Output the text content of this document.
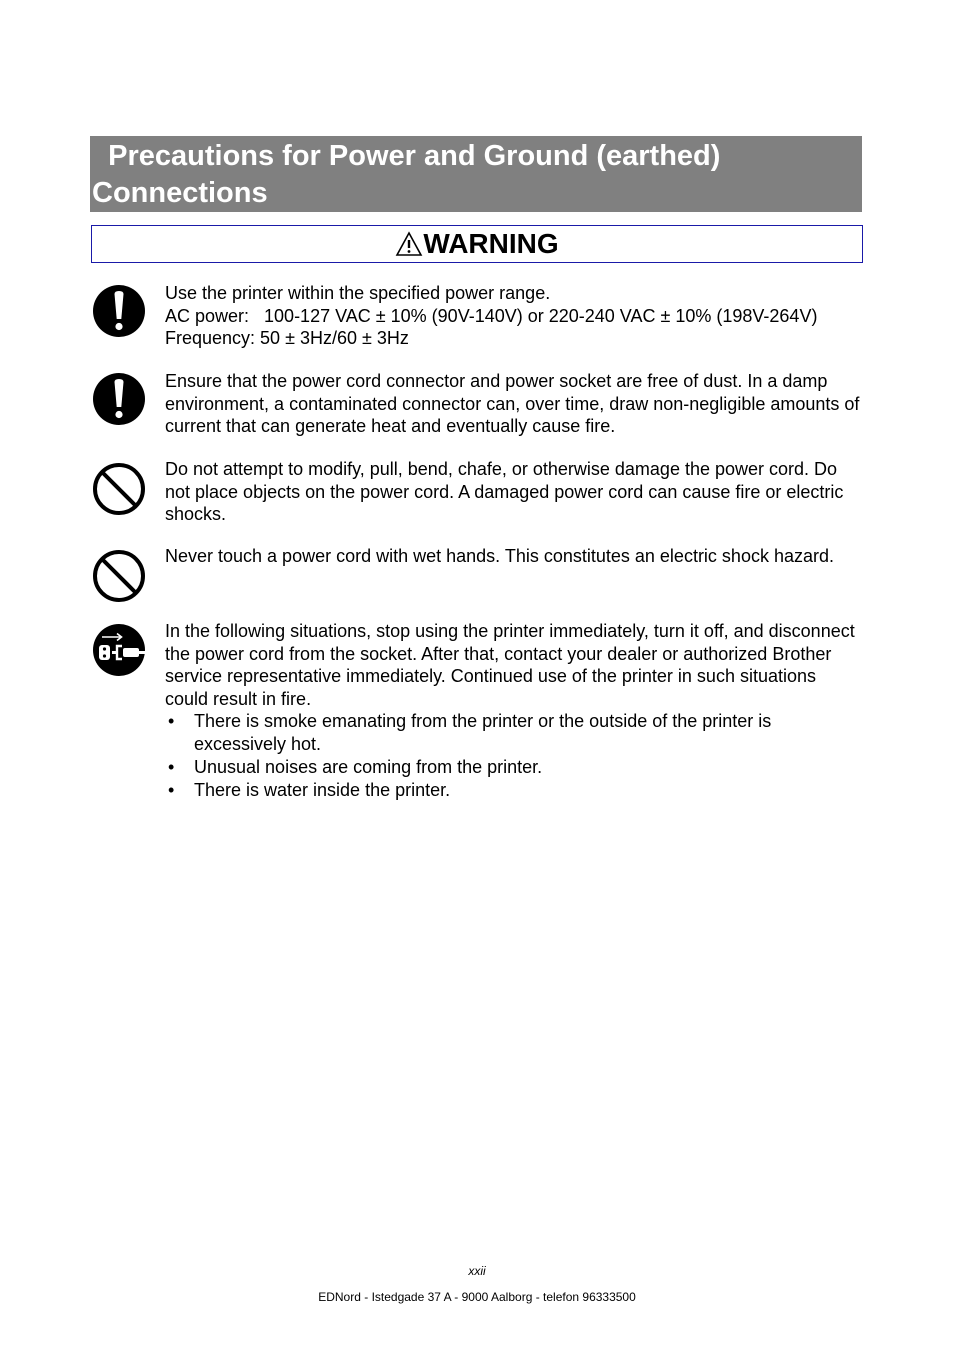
Precautions for Power and Ground (earthed) Connections

WARNING

Use the printer within the specified power range.

AC power:   100-127 VAC ± 10% (90V-140V) or 220-240 VAC ± 10% (198V-264V)

Frequency: 50 ± 3Hz/60 ± 3Hz

Ensure that the power cord connector and power socket are free of dust. In a damp environment, a contaminated connector can, over time, draw non-negligible amounts of current that can generate heat and eventually cause fire.

Do not attempt to modify, pull, bend, chafe, or otherwise damage the power cord. Do not place objects on the power cord. A damaged power cord can cause fire or electric shocks.

Never touch a power cord with wet hands. This constitutes an electric shock hazard.

In the following situations, stop using the printer immediately, turn it off, and disconnect the power cord from the socket. After that, contact your dealer or authorized Brother service representative immediately. Continued use of the printer in such situations could result in fire.

• There is smoke emanating from the printer or the outside of the printer is excessively hot.
• Unusual noises are coming from the printer.
• There is water inside the printer.
xxii
EDNord - Istedgade 37 A - 9000 Aalborg - telefon 96333500
